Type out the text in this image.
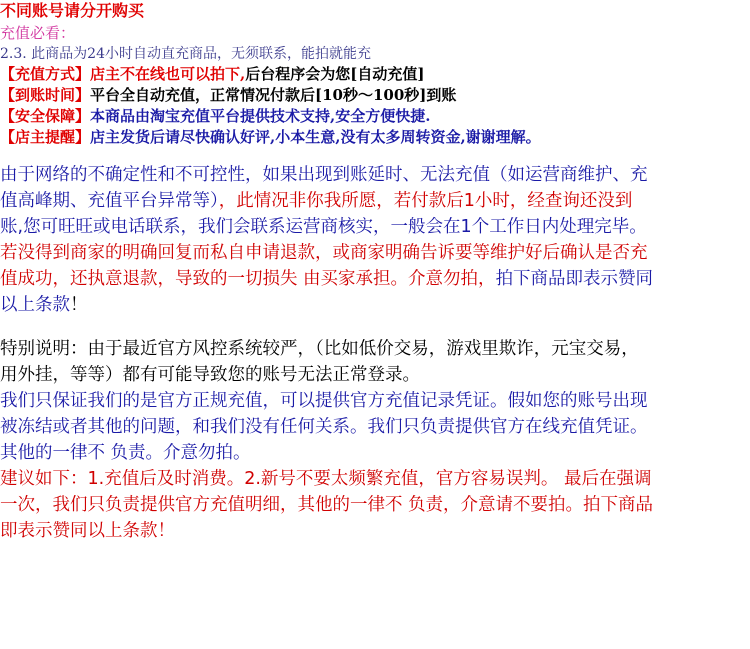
不同账号请分开购买

充值必看：

2.3. 此商品为24小时自动直充商品，无须联系，能拍就能充

【充值方式】店主不在线也可以拍下,后台程序会为您[自动充值]

【到账时间】平台全自动充值，正常情况付款后[10秒～100秒]到账

【安全保障】本商品由淘宝充值平台提供技术支持,安全方便快捷.

【店主提醒】店主发货后请尽快确认好评,小本生意,没有太多周转资金,谢谢理解。

由于网络的不确定性和不可控性，如果出现到账延时、无法充值（如运营商维护、充

值高峰期、充值平台异常等），此情况非你我所愿，若付款后1小时，经查询还没到

账,您可旺旺或电话联系，我们会联系运营商核实，一般会在1个工作日内处理完毕。

若没得到商家的明确回复而私自申请退款，或商家明确告诉要等维护好后确认是否充

值成功，还执意退款，导致的一切损失 由买家承担。介意勿拍，拍下商品即表示赞同

以上条款！

特别说明：由于最近官方风控系统较严，（比如低价交易，游戏里欺诈，元宝交易，

用外挂，等等）都有可能导致您的账号无法正常登录。

我们只保证我们的是官方正规充值，可以提供官方充值记录凭证。假如您的账号出现

被冻结或者其他的问题，和我们没有任何关系。我们只负责提供官方在线充值凭证。

其他的一律不 负责。介意勿拍。

建议如下：1.充值后及时消费。2.新号不要太频繁充值，官方容易误判。 最后在强调

一次，我们只负责提供官方充值明细，其他的一律不 负责，介意请不要拍。拍下商品

即表示赞同以上条款！
